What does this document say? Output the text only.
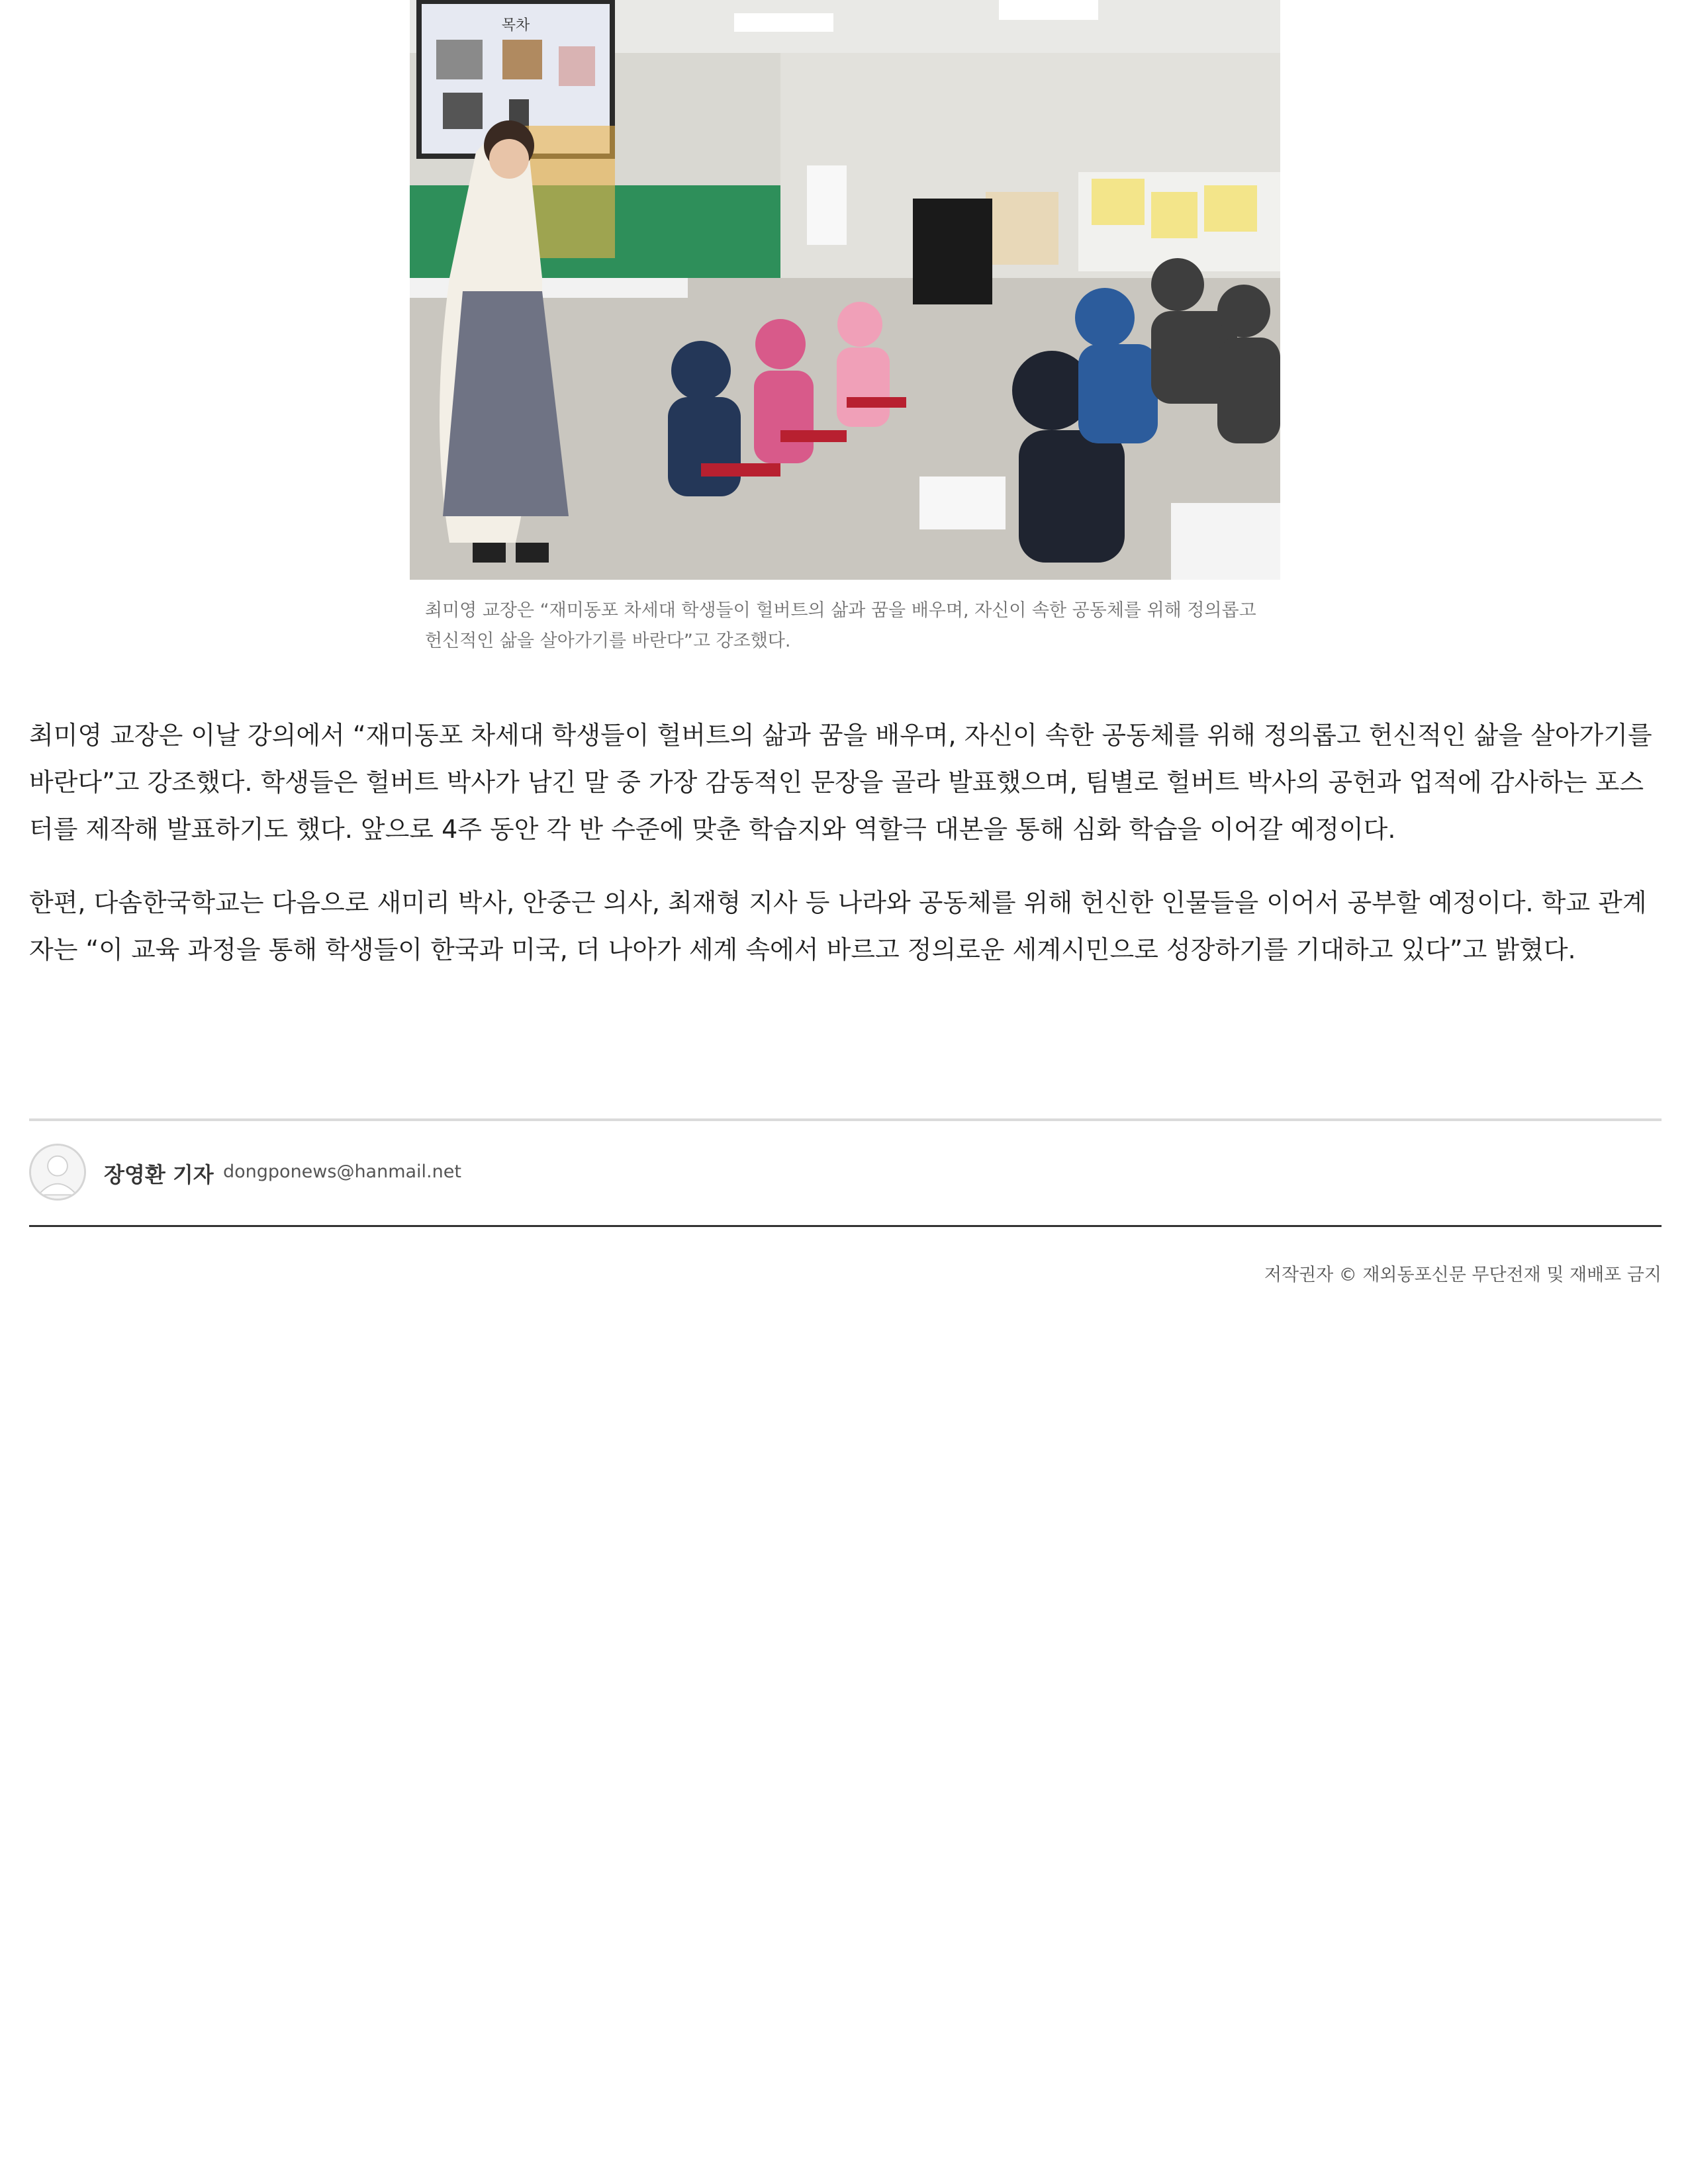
목차
최미영 교장은 “재미동포 차세대 학생들이 헐버트의 삶과 꿈을 배우며, 자신이 속한 공동체를 위해 정의롭고 헌신적인 삶을 살아가기를 바란다”고 강조했다.

최미영 교장은 이날 강의에서 “재미동포 차세대 학생들이 헐버트의 삶과 꿈을 배우며, 자신이 속한 공동체를 위해 정의롭고 헌신적인 삶을 살아가기를 바란다”고 강조했다. 학생들은 헐버트 박사가 남긴 말 중 가장 감동적인 문장을 골라 발표했으며, 팀별로 헐버트 박사의 공헌과 업적에 감사하는 포스터를 제작해 발표하기도 했다. 앞으로 4주 동안 각 반 수준에 맞춘 학습지와 역할극 대본을 통해 심화 학습을 이어갈 예정이다.

한편, 다솜한국학교는 다음으로 새미리 박사, 안중근 의사, 최재형 지사 등 나라와 공동체를 위해 헌신한 인물들을 이어서 공부할 예정이다. 학교 관계자는 “이 교육 과정을 통해 학생들이 한국과 미국, 더 나아가 세계 속에서 바르고 정의로운 세계시민으로 성장하기를 기대하고 있다”고 밝혔다.

장영환 기자 dongponews@hanmail.net
저작권자 © 재외동포신문 무단전재 및 재배포 금지
